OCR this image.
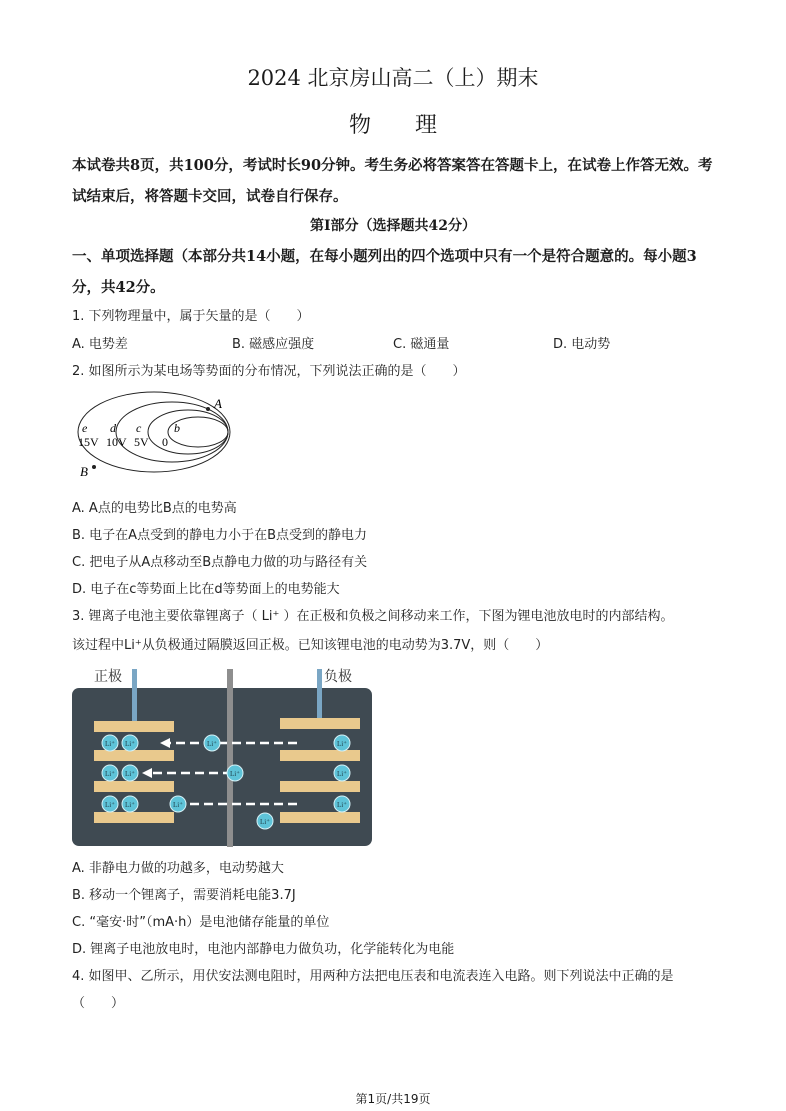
2024 北京房山高二（上）期末
物理
本试卷共8页，共100分，考试时长90分钟。考生务必将答案答在答题卡上，在试卷上作答无效。考试结束后，将答题卡交回，试卷自行保存。
第Ⅰ部分（选择题共42分）
一、单项选择题（本部分共14小题，在每小题列出的四个选项中只有一个是符合题意的。每小题3分，共42分。
1. 下列物理量中，属于矢量的是（　　）
A. 电势差	B. 磁感应强度	C. 磁通量	D. 电动势
2. 如图所示为某电场等势面的分布情况，下列说法正确的是（　　）
A
B
e d c	b
15V 10V 5V 0
A. A点的电势比B点的电势高
B. 电子在A点受到的静电力小于在B点受到的静电力
C. 把电子从A点移动至B点静电力做的功与路径有关
D. 电子在c等势面上比在d等势面上的电势能大
3. 锂离子电池主要依靠锂离子（ Li⁺ ）在正极和负极之间移动来工作，下图为锂电池放电时的内部结构。
该过程中Li⁺从负极通过隔膜返回正极。已知该锂电池的电动势为3.7V，则（　　）
正极	负极
Li⁺ Li⁺	Li⁺	Li⁺
Li⁺ Li⁺	Li⁺	Li⁺
Li⁺ Li⁺	Li⁺	Li⁺
Li⁺
A. 非静电力做的功越多，电动势越大
B. 移动一个锂离子，需要消耗电能3.7J
C. “毫安·时”（mA·h）是电池储存能量的单位
D. 锂离子电池放电时，电池内部静电力做负功，化学能转化为电能
4. 如图甲、乙所示，用伏安法测电阻时，用两种方法把电压表和电流表连入电路。则下列说法中正确的是
（　　）
第1页/共19页
